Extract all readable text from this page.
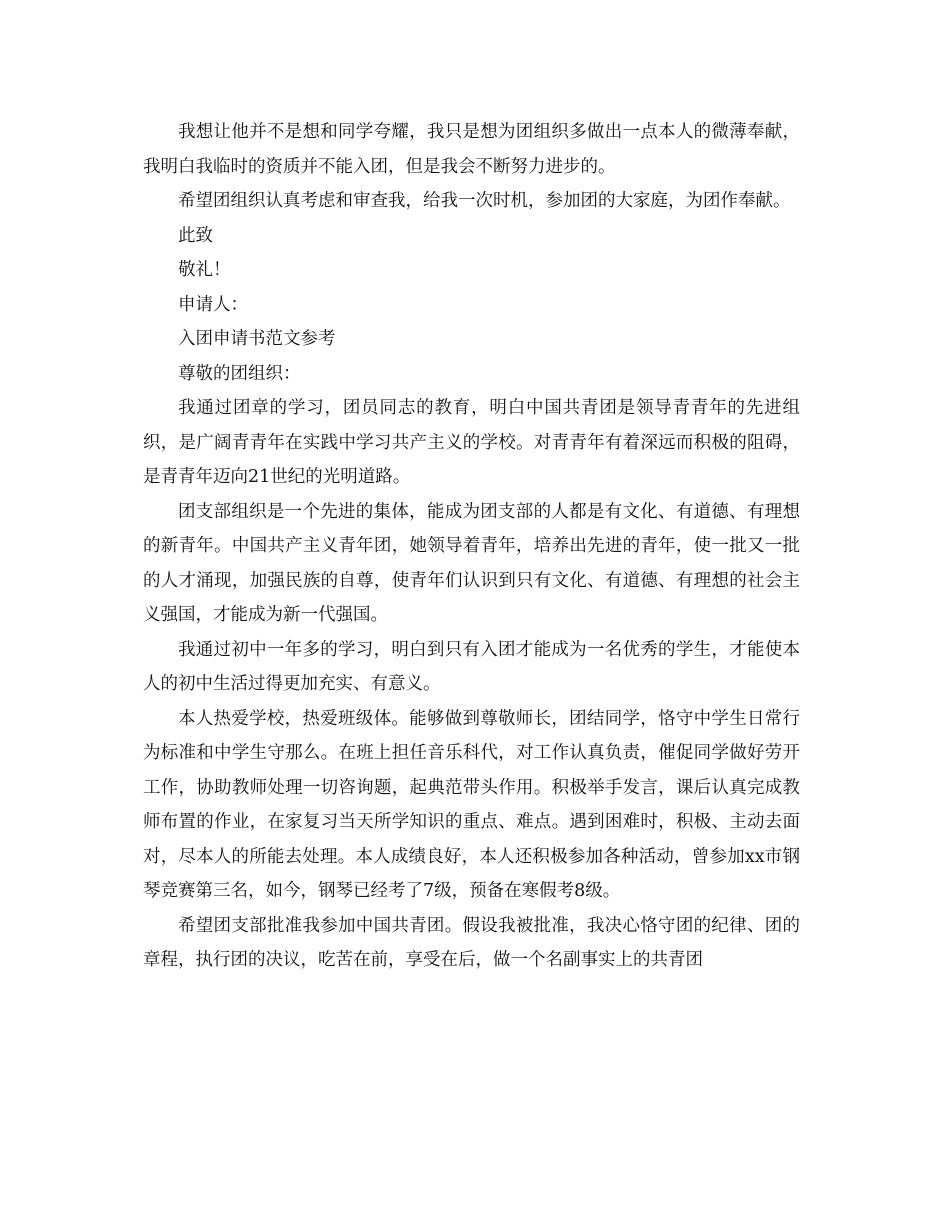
我想让他并不是想和同学夸耀，我只是想为团组织多做出一点本人的微薄奉献，我明白我临时的资质并不能入团，但是我会不断努力进步的。

希望团组织认真考虑和审查我，给我一次时机，参加团的大家庭，为团作奉献。

此致

敬礼！

申请人：

入团申请书范文参考

尊敬的团组织：

我通过团章的学习，团员同志的教育，明白中国共青团是领导青青年的先进组织，是广阔青青年在实践中学习共产主义的学校。对青青年有着深远而积极的阻碍，是青青年迈向21世纪的光明道路。

团支部组织是一个先进的集体，能成为团支部的人都是有文化、有道德、有理想的新青年。中国共产主义青年团，她领导着青年，培养出先进的青年，使一批又一批的人才涌现，加强民族的自尊，使青年们认识到只有文化、有道德、有理想的社会主义强国，才能成为新一代强国。

我通过初中一年多的学习，明白到只有入团才能成为一名优秀的学生，才能使本人的初中生活过得更加充实、有意义。

本人热爱学校，热爱班级体。能够做到尊敬师长，团结同学，恪守中学生日常行为标准和中学生守那么。在班上担任音乐科代，对工作认真负责，催促同学做好劳开工作，协助教师处理一切咨询题，起典范带头作用。积极举手发言，课后认真完成教师布置的作业，在家复习当天所学知识的重点、难点。遇到困难时，积极、主动去面对，尽本人的所能去处理。本人成绩良好，本人还积极参加各种活动，曾参加xx市钢琴竞赛第三名，如今，钢琴已经考了7级，预备在寒假考8级。

希望团支部批准我参加中国共青团。假设我被批准，我决心恪守团的纪律、团的章程，执行团的决议，吃苦在前，享受在后，做一个名副事实上的共青团
